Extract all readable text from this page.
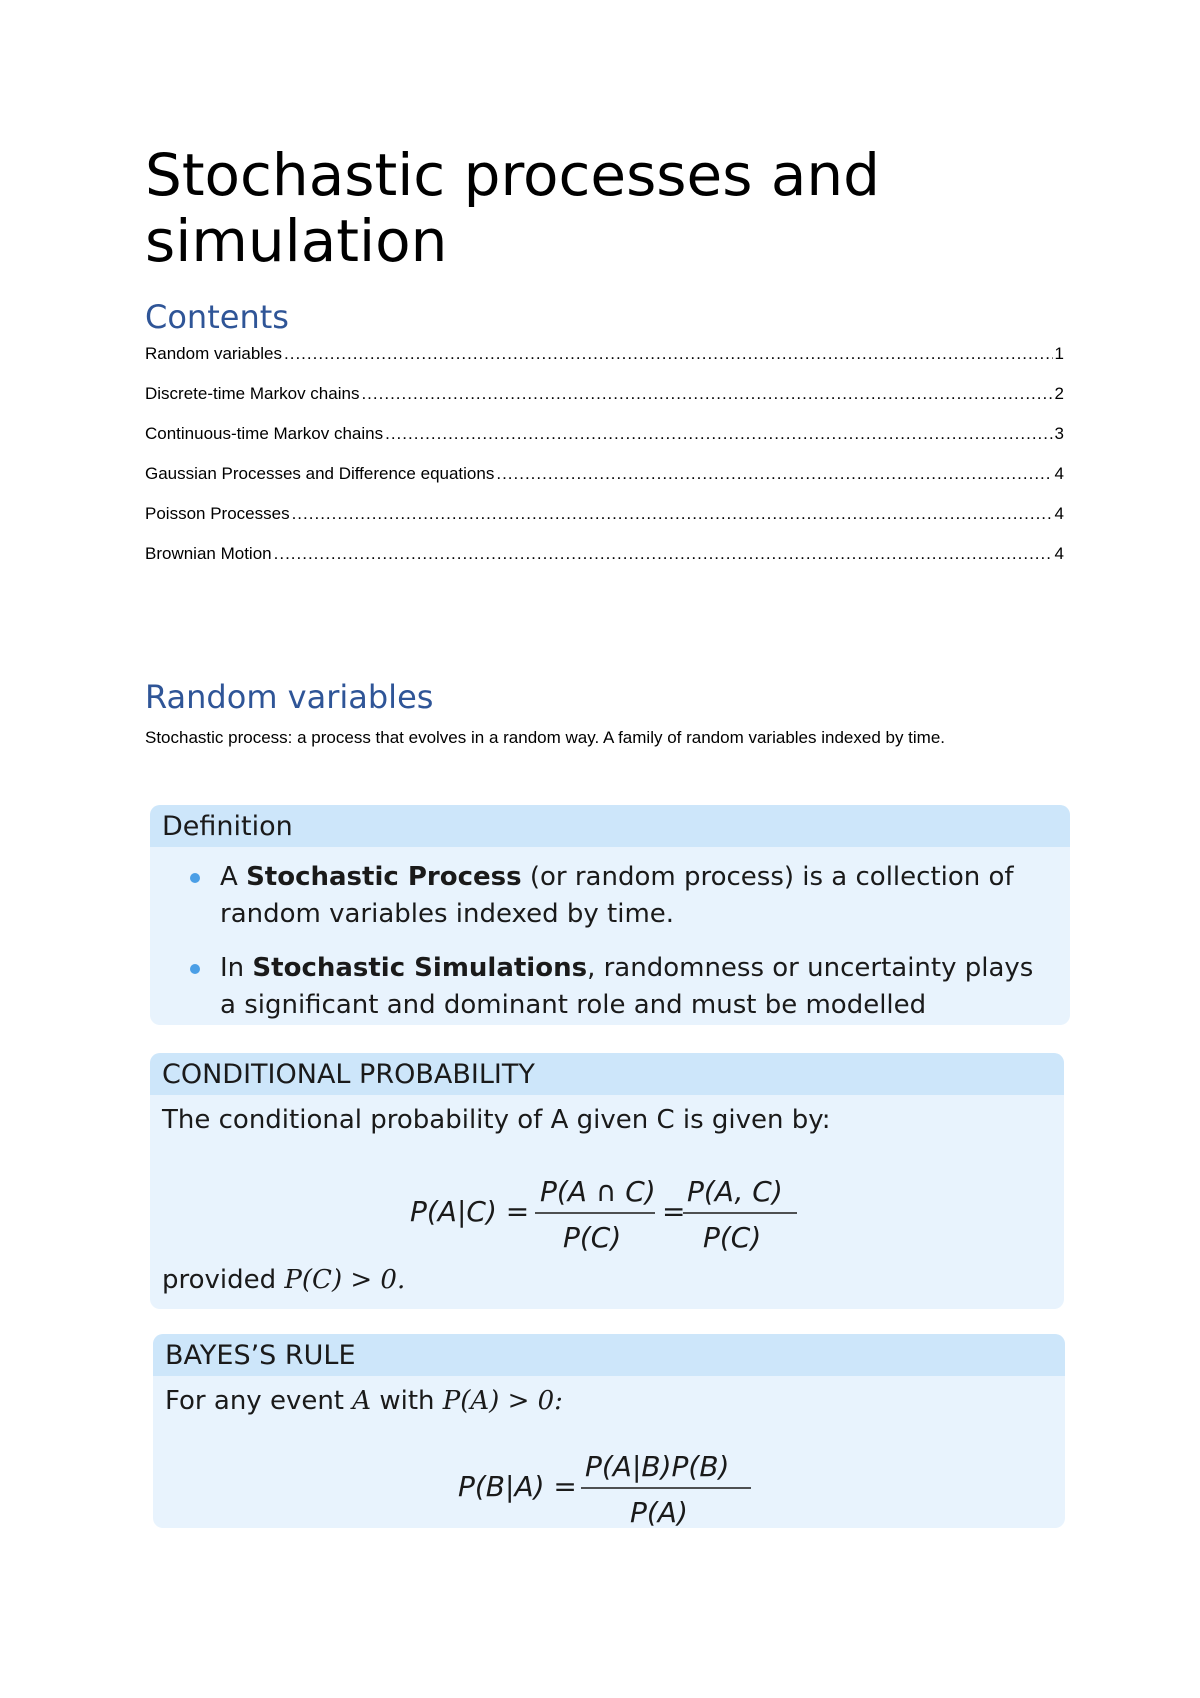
Stochastic processes and simulation
Contents
Random variables .....	1
Discrete-time Markov chains .....	2
Continuous-time Markov chains .....	3
Gaussian Processes and Difference equations .....	4
Poisson Processes .....	4
Brownian Motion .....	4
Random variables

Stochastic process: a process that evolves in a random way. A family of random variables indexed by time.

Definition
A Stochastic Process (or random process) is a collection of random variables indexed by time.
In Stochastic Simulations, randomness or uncertainty plays a significant and dominant role and must be modelled
CONDITIONAL PROBABILITY
The conditional probability of A given C is given by:
P(A|C) =
P(A ∩ C)
P(C)
=
P(A, C)
P(C)
provided P(C) > 0.
BAYES’S RULE
For any event A with P(A) > 0:
P(B|A) =
P(A|B)P(B)
P(A)
